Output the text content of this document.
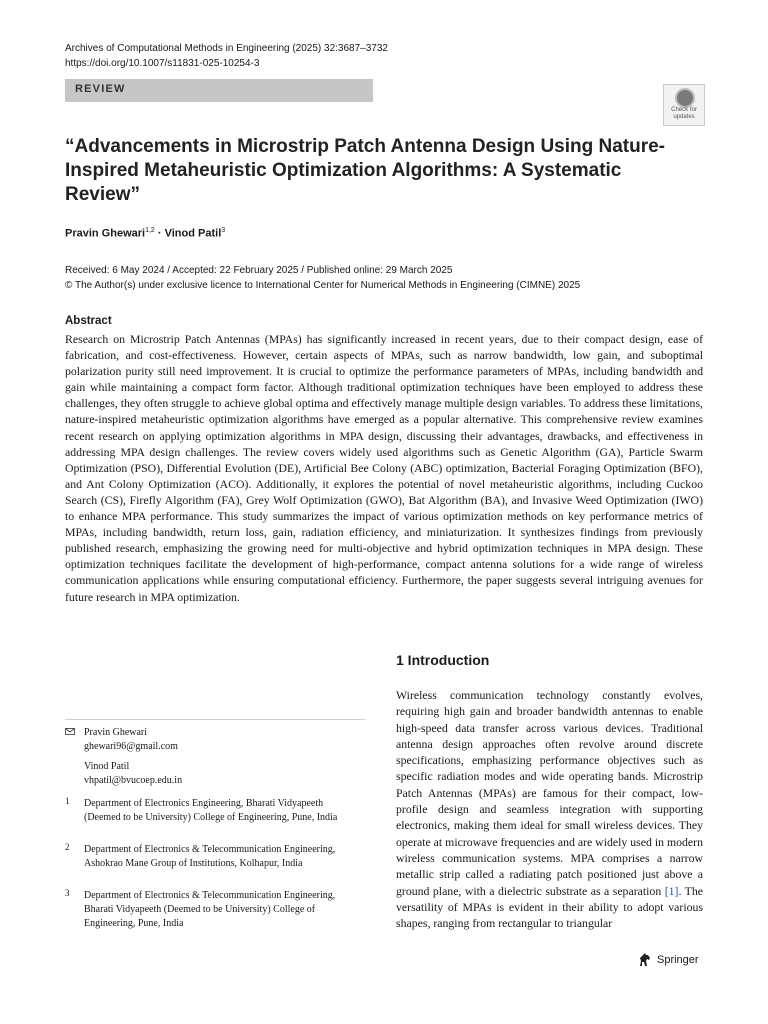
Archives of Computational Methods in Engineering (2025) 32:3687–3732
https://doi.org/10.1007/s11831-025-10254-3
REVIEW
Check for
updates
“Advancements in Microstrip Patch Antenna Design Using Nature-Inspired Metaheuristic Optimization Algorithms: A Systematic Review”
Pravin Ghewari$^{1,2}$ · Vinod Patil$^3$
Received: 6 May 2024 / Accepted: 22 February 2025 / Published online: 29 March 2025
© The Author(s) under exclusive licence to International Center for Numerical Methods in Engineering (CIMNE) 2025
Abstract
Research on Microstrip Patch Antennas (MPAs) has significantly increased in recent years, due to their compact design, ease of fabrication, and cost-effectiveness. However, certain aspects of MPAs, such as narrow bandwidth, low gain, and suboptimal polarization purity still need improvement. It is crucial to optimize the performance parameters of MPAs, including bandwidth and gain while maintaining a compact form factor. Although traditional optimization techniques have been employed to address these challenges, they often struggle to achieve global optima and effectively manage multiple design variables. To address these limitations, nature-inspired metaheuristic optimization algorithms have emerged as a popular alternative. This comprehensive review examines recent research on applying optimization algorithms in MPA design, discussing their advantages, drawbacks, and effectiveness in addressing MPA design challenges. The review covers widely used algorithms such as Genetic Algorithm (GA), Particle Swarm Optimization (PSO), Differential Evolution (DE), Artificial Bee Colony (ABC) optimization, Bacterial Foraging Optimization (BFO), and Ant Colony Optimization (ACO). Additionally, it explores the potential of novel metaheuristic algorithms, including Cuckoo Search (CS), Firefly Algorithm (FA), Grey Wolf Optimization (GWO), Bat Algorithm (BA), and Invasive Weed Optimization (IWO) to enhance MPA performance. This study summarizes the impact of various optimization methods on key performance metrics of MPAs, including bandwidth, return loss, gain, radiation efficiency, and miniaturization. It synthesizes findings from previously published research, emphasizing the growing need for multi-objective and hybrid optimization techniques in MPA design. These optimization techniques facilitate the development of high-performance, compact antenna solutions for a wide range of wireless communication applications while ensuring computational efficiency. Furthermore, the paper suggests several intriguing avenues for future research in MPA optimization.
1 Introduction
Wireless communication technology constantly evolves, requiring high gain and broader bandwidth antennas to enable high-speed data transfer across various devices. Traditional antenna design approaches often revolve around discrete specifications, emphasizing performance objectives such as specific radiation modes and wide operating bands. Microstrip Patch Antennas (MPAs) are famous for their compact, low-profile design and seamless integration with supporting electronics, making them ideal for small wireless devices. They operate at microwave frequencies and are widely used in modern wireless communication systems. MPA comprises a narrow metallic strip called a radiating patch positioned just above a ground plane, with a dielectric substrate as a separation [1]. The versatility of MPAs is evident in their ability to adopt various shapes, ranging from rectangular to triangular
Pravin Ghewari
ghewari96@gmail.com
Vinod Patil
vhpatil@bvucoep.edu.in
1 Department of Electronics Engineering, Bharati Vidyapeeth (Deemed to be University) College of Engineering, Pune, India
2 Department of Electronics & Telecommunication Engineering, Ashokrao Mane Group of Institutions, Kolhapur, India
3 Department of Electronics & Telecommunication Engineering, Bharati Vidyapeeth (Deemed to be University) College of Engineering, Pune, India
Springer
